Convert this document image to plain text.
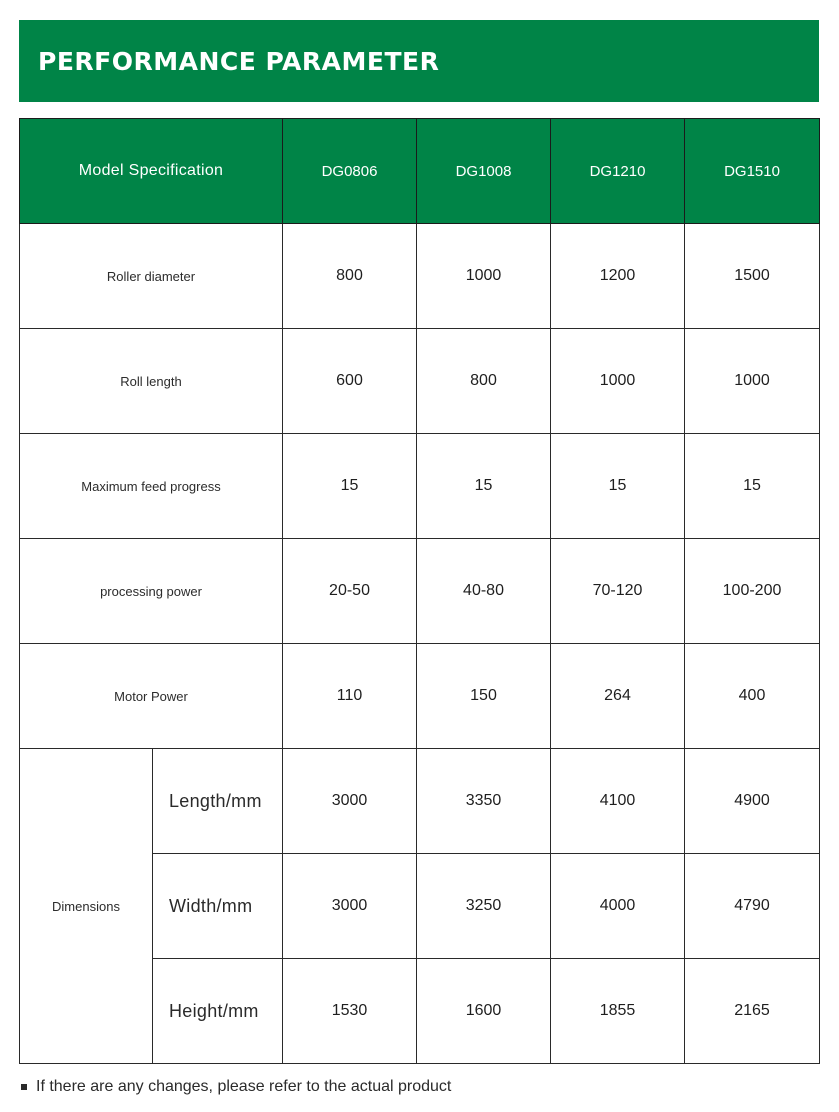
PERFORMANCE PARAMETER
Model Specification		DG0806	DG1008	DG1210	DG1510
Roller diameter		800	1000	1200	1500
Roll length		600	800	1000	1000
Maximum feed progress		15	15	15	15
processing power		20-50	40-80	70-120	100-200
Motor Power		110	150	264	400
Dimensions	Length/mm	3000	3350	4100	4900
	Width/mm	3000	3250	4000	4790
	Height/mm	1530	1600	1855	2165
If there are any changes, please refer to the actual product
